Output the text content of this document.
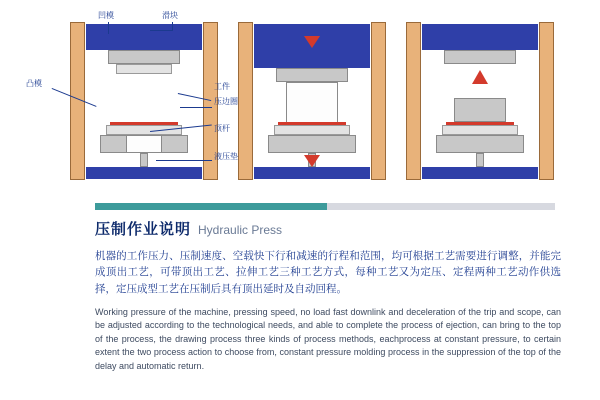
凹模	滑块
凸模	工件
压边圈
顶杆
液压垫
压制作业说明 Hydraulic Press
机器的工作压力、压制速度、空载快下行和减速的行程和范围，均可根据工艺需要进行调整，并能完成顶出工艺，可带顶出工艺、拉伸工艺三种工艺方式，每种工艺又为定压、定程两种工艺动作供选择，定压成型工艺在压制后具有顶出延时及自动回程。
Working pressure of the machine, pressing speed, no load fast downlink and deceleration of the trip and scope, can be adjusted according to the technological needs, and able to complete the process of ejection, can bring to the top of the process, the drawing process three kinds of process methods, eachprocess at constant pressure, to certain extent the two process action to choose from, constant pressure molding process in the suppression of the top of the delay and automatic return.
